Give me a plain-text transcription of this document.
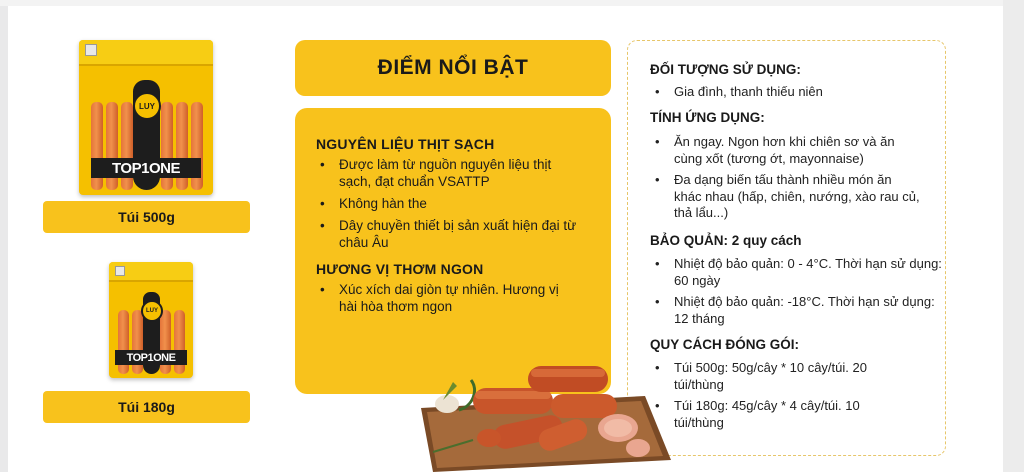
LUY
TOP1ONE
Túi 500g
LUY
TOP1ONE
Túi 180g
ĐIỂM NỔI BẬT
NGUYÊN LIỆU THỊT SẠCH
• Được làm từ nguồn nguyên liệu thịt sạch, đạt chuẩn VSATTP
• Không hàn the
• Dây chuyền thiết bị sản xuất hiện đại từ châu Âu
HƯƠNG VỊ THƠM NGON
• Xúc xích dai giòn tự nhiên. Hương vị hài hòa thơm ngon
ĐỐI TƯỢNG SỬ DỤNG:
• Gia đình, thanh thiếu niên
TÍNH ỨNG DỤNG:
• Ăn ngay. Ngon hơn khi chiên sơ và ăn cùng xốt (tương ớt, mayonnaise)
• Đa dạng biến tấu thành nhiều món ăn khác nhau (hấp, chiên, nướng, xào rau củ, thả lẩu...)
BẢO QUẢN: 2 quy cách
• Nhiệt độ bảo quản: 0 - 4°C. Thời hạn sử dụng: 60 ngày
• Nhiệt độ bảo quản: -18°C. Thời hạn sử dụng: 12 tháng
QUY CÁCH ĐÓNG GÓI:
• Túi 500g: 50g/cây * 10 cây/túi. 20 túi/thùng
• Túi 180g: 45g/cây * 4 cây/túi. 10 túi/thùng
